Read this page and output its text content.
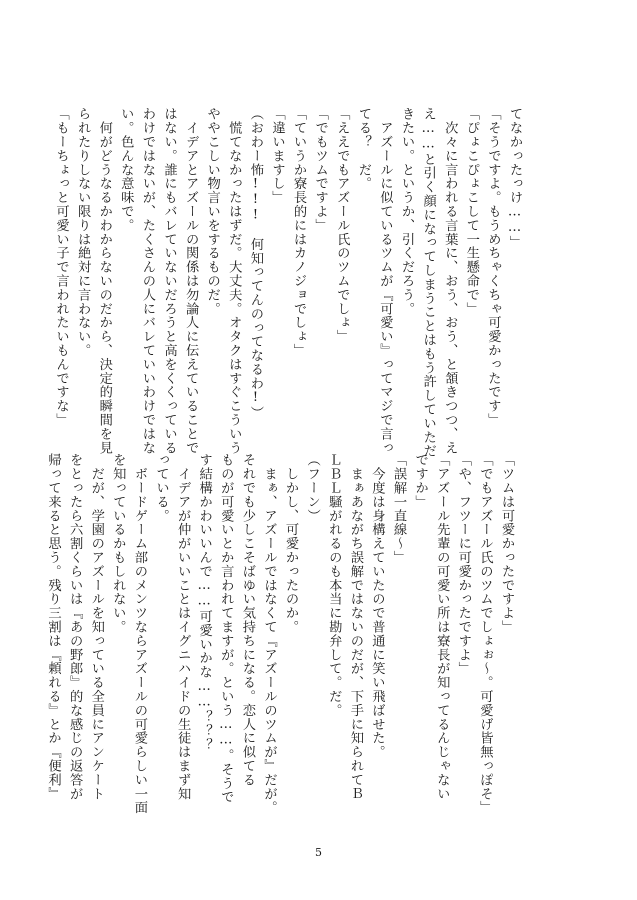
てなかったっけ……」
「そうですよ。もうめちゃくちゃ可愛かったです」
「ぴょこぴょこして一生懸命で」
　次々に言われる言葉に、おう、おう、と頷きつつ、え
え……と引く顔になってしまうことはもう許していただ
きたい。というか、引くだろう。
　アズールに似ているツムが『可愛い』ってマジで言っ
てる？　だ。
「ええでもアズール氏のツムでしょ」
「でもツムですよ」
「ていうか寮長的にはカノジョでしょ」
「違いますし」
（おわー怖!!!　何知ってんのってなるわ!）
　慌てなかったはずだ。大丈夫。オタクはすぐこういう
ややこしい物言いをするものだ。
　イデアとアズールの関係は勿論人に伝えていることで
はない。誰にもバレていないだろうと高をくくっている
わけではないが、たくさんの人にバレていいわけではな
い。色んな意味で。
　何がどうなるかわからないのだから、決定的瞬間を見
られたりしない限りは絶対に言わない。
「もーちょっと可愛い子で言われたいもんですな」
「ツムは可愛かったですよ」
「でもアズール氏のツムでしょぉ〜。可愛げ皆無っぽそ」
「や、フツーに可愛かったですよ」
「アズール先輩の可愛い所は寮長が知ってるんじゃない
ですか」
「誤解一直線〜」
　今度は身構えていたので普通に笑い飛ばせた。
　まぁあながち誤解ではないのだが、下手に知られてＢ
ＬＢＬ騒がれるのも本当に勘弁して。だ。
（フーン）
　しかし、可愛かったのか。
　まぁ、アズールではなくて『アズールのツムが』だが。
それでも少しこそばゆい気持ちになる。恋人に似てる
ものが可愛いとか言われてますが。という……。そうで
す結構かわいいんで……可愛いかな……？？？
　イデアが仲がいいことはイグニハイドの生徒はまず知
っている。
　ボードゲーム部のメンツならアズールの可愛らしい一面
を知っているかもしれない。
　だが、学園のアズールを知っている全員にアンケート
をとったら六割くらいは『あの野郎』的な感じの返答が
帰って来ると思う。残り三割は『頼れる』とか『便利』
5
